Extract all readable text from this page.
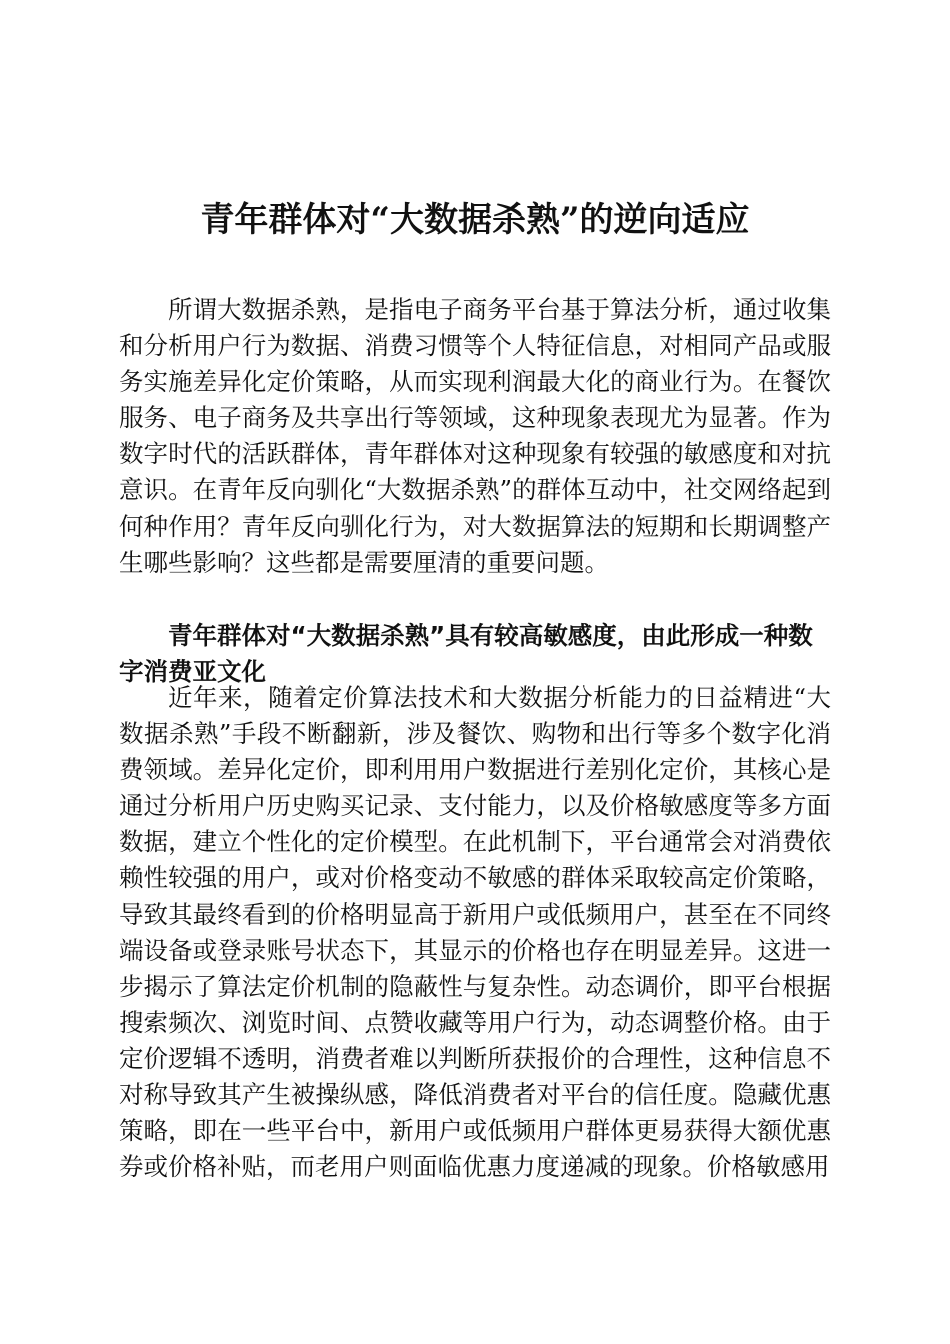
青年群体对“大数据杀熟”的逆向适应

所谓大数据杀熟，是指电子商务平台基于算法分析，通过收集和分析用户行为数据、消费习惯等个人特征信息，对相同产品或服务实施差异化定价策略，从而实现利润最大化的商业行为。在餐饮服务、电子商务及共享出行等领域，这种现象表现尤为显著。作为数字时代的活跃群体，青年群体对这种现象有较强的敏感度和对抗意识。在青年反向驯化“大数据杀熟”的群体互动中，社交网络起到何种作用？青年反向驯化行为，对大数据算法的短期和长期调整产生哪些影响？这些都是需要厘清的重要问题。

青年群体对“大数据杀熟”具有较高敏感度，由此形成一种数字消费亚文化

近年来，随着定价算法技术和大数据分析能力的日益精进“大数据杀熟”手段不断翻新，涉及餐饮、购物和出行等多个数字化消费领域。差异化定价，即利用用户数据进行差别化定价，其核心是通过分析用户历史购买记录、支付能力，以及价格敏感度等多方面数据，建立个性化的定价模型。在此机制下，平台通常会对消费依赖性较强的用户，或对价格变动不敏感的群体采取较高定价策略，导致其最终看到的价格明显高于新用户或低频用户，甚至在不同终端设备或登录账号状态下，其显示的价格也存在明显差异。这进一步揭示了算法定价机制的隐蔽性与复杂性。动态调价，即平台根据搜索频次、浏览时间、点赞收藏等用户行为，动态调整价格。由于定价逻辑不透明，消费者难以判断所获报价的合理性，这种信息不对称导致其产生被操纵感，降低消费者对平台的信任度。隐藏优惠策略，即在一些平台中，新用户或低频用户群体更易获得大额优惠券或价格补贴，而老用户则面临优惠力度递减的现象。价格敏感用
